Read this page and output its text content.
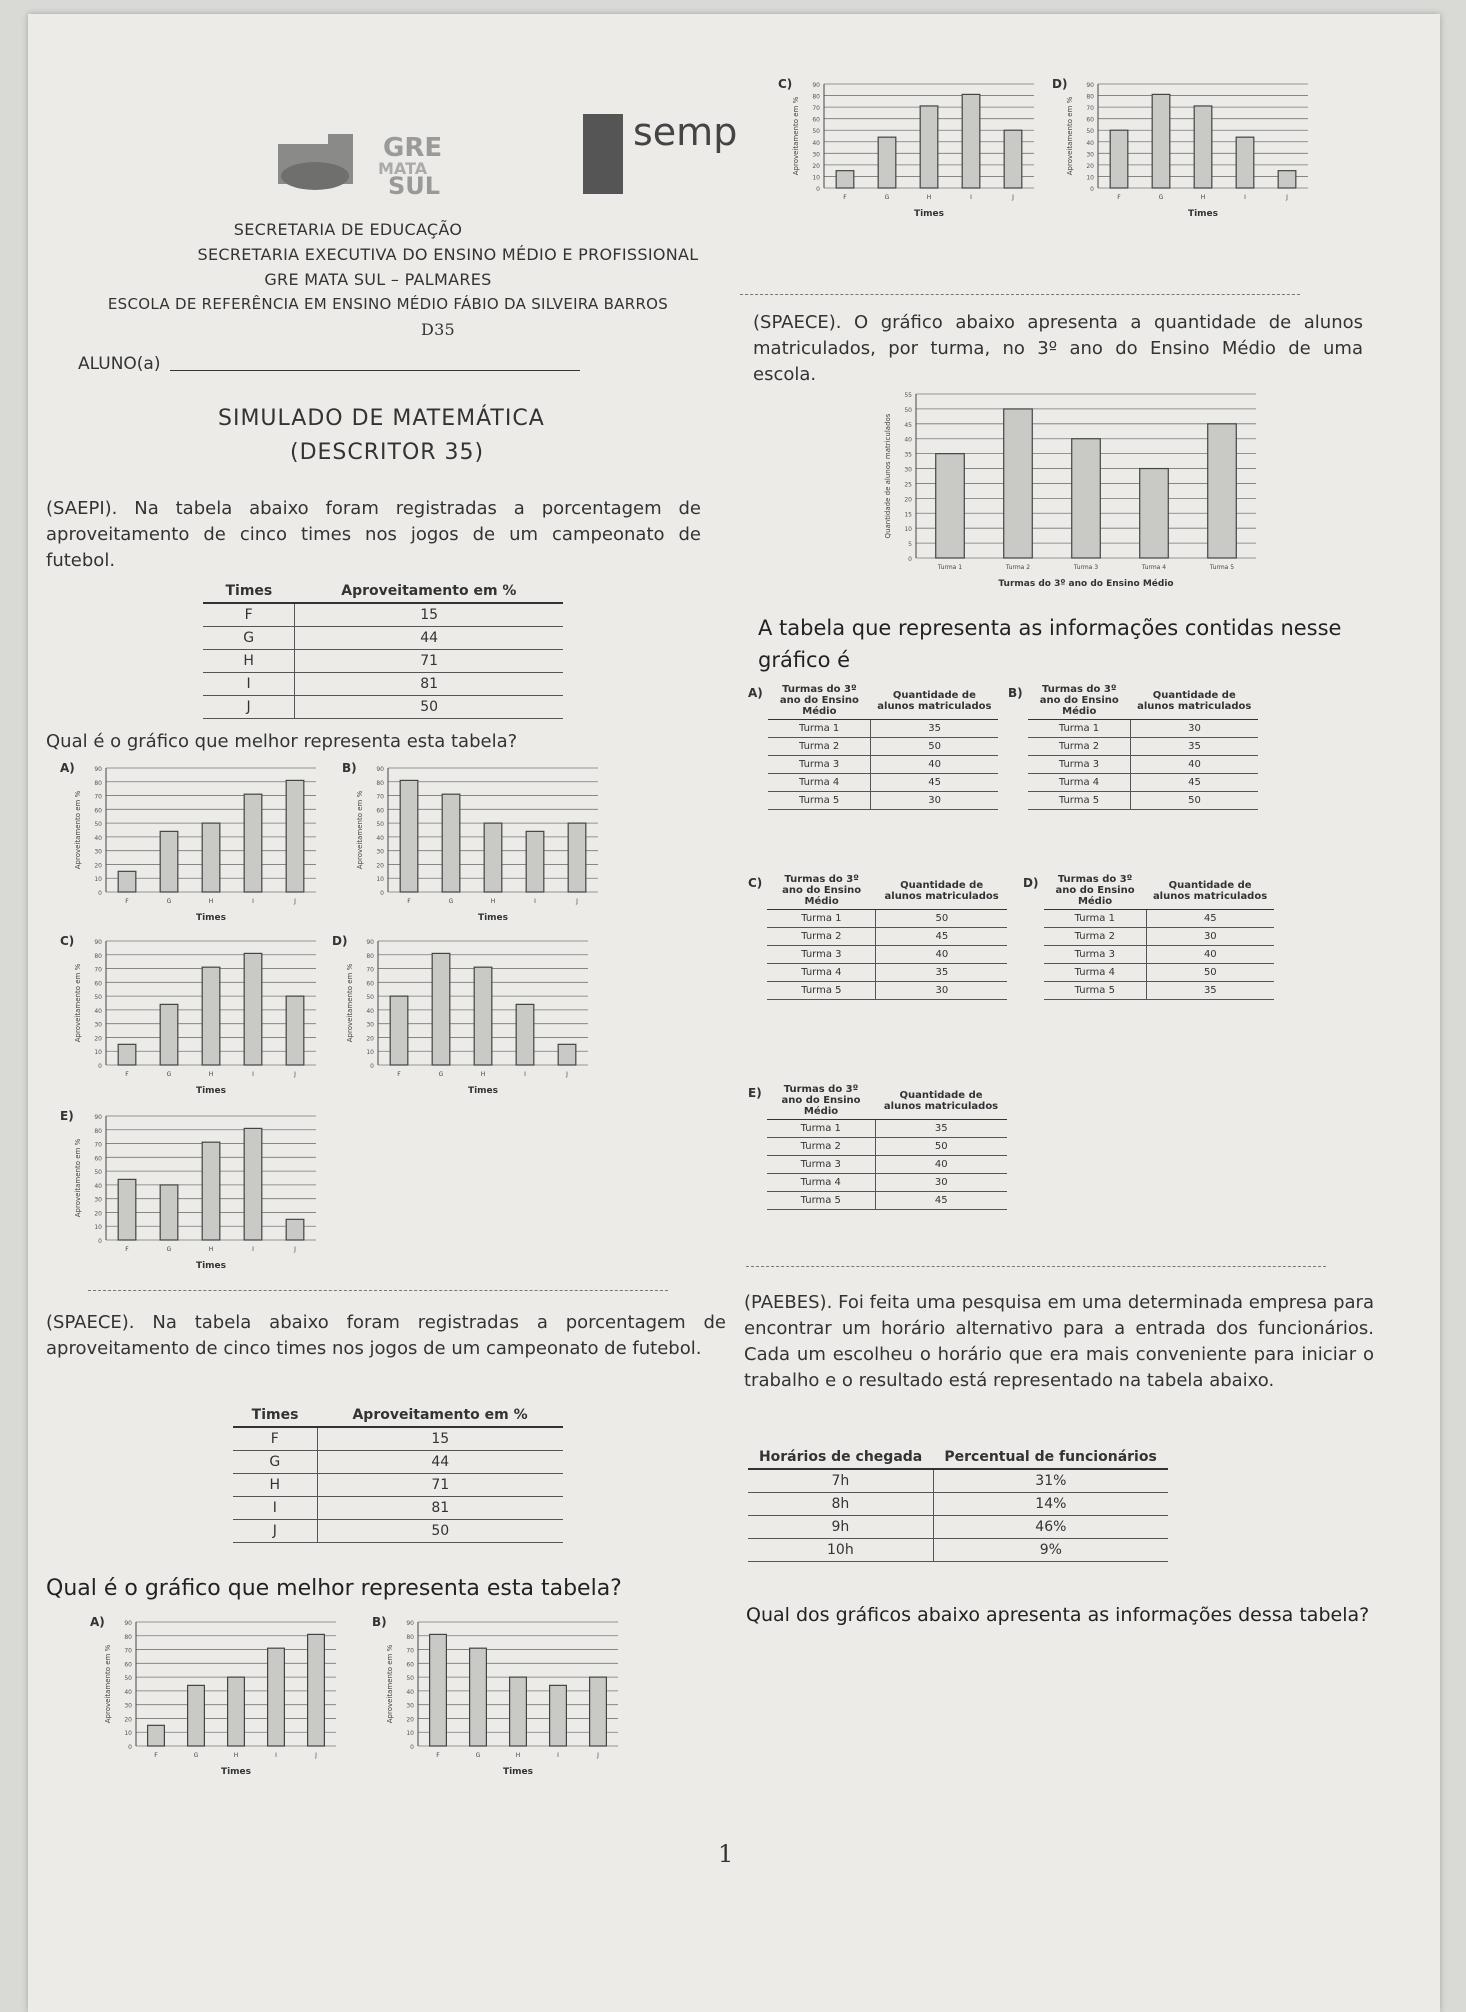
GRE
MATA
SUL
semp
SECRETARIA DE EDUCAÇÃO
SECRETARIA EXECUTIVA DO ENSINO MÉDIO E PROFISSIONAL
GRE MATA SUL – PALMARES
ESCOLA DE REFERÊNCIA EM ENSINO MÉDIO FÁBIO DA SILVEIRA BARROS
D35
ALUNO(a)
SIMULADO DE MATEMÁTICA
(DESCRITOR 35)
(SAEPI). Na tabela abaixo foram registradas a porcentagem de aproveitamento de cinco times nos jogos de um campeonato de futebol.
Times	Aproveitamento em %
F	15
G	44
H	71
I	81
J	50
Qual é o gráfico que melhor representa esta tabela?
A)
0
10
20
30
40
50
60
70
80
90
Aproveitamento em %
F	G	H	I	J
Times
B)
0
10
20
30
40
50
60
70
80
90
Aproveitamento em %
F	G	H	I	J
Times
C)
0
10
20
30
40
50
60
70
80
90
Aproveitamento em %
F	G	H	I	J
Times
D)
0
10
20
30
40
50
60
70
80
90
Aproveitamento em %
F	G	H	I	J
Times
E)
0
10
20
30
40
50
60
70
80
90
Aproveitamento em %
F	G	H	I	J
Times
(SPAECE). Na tabela abaixo foram registradas a porcentagem de aproveitamento de cinco times nos jogos de um campeonato de futebol.
Times	Aproveitamento em %
F	15
G	44
H	71
I	81
J	50
Qual é o gráfico que melhor representa esta tabela?
A)
0
10
20
30
40
50
60
70
80
90
Aproveitamento em %
F	G	H	I	J
Times
B)
0
10
20
30
40
50
60
70
80
90
Aproveitamento em %
F	G	H	I	J
Times
C)
0
10
20
30
40
50
60
70
80
90
Aproveitamento em %
F	G	H	I	J
Times
D)
0
10
20
30
40
50
60
70
80
90
Aproveitamento em %
F	G	H	I	J
Times
(SPAECE). O gráfico abaixo apresenta a quantidade de alunos matriculados, por turma, no 3º ano do Ensino Médio de uma escola.
0
5
10
15
20
25
30
35
40
45
50
55
Quantidade de alunos matriculados
Turma 1	Turma 2	Turma 3	Turma 4	Turma 5
Turmas do 3º ano do Ensino Médio
A tabela que representa as informações contidas nesse gráfico é
A) Turmas do 3º ano do Ensino Médio	Quantidade de alunos matriculados
Turma 1	35
Turma 2	50
Turma 3	40
Turma 4	45
Turma 5	30
B) Turmas do 3º ano do Ensino Médio	Quantidade de alunos matriculados
Turma 1	30
Turma 2	35
Turma 3	40
Turma 4	45
Turma 5	50
C) Turmas do 3º ano do Ensino Médio	Quantidade de alunos matriculados
Turma 1	50
Turma 2	45
Turma 3	40
Turma 4	35
Turma 5	30
D) Turmas do 3º ano do Ensino Médio	Quantidade de alunos matriculados
Turma 1	45
Turma 2	30
Turma 3	40
Turma 4	50
Turma 5	35
E) Turmas do 3º ano do Ensino Médio	Quantidade de alunos matriculados
Turma 1	35
Turma 2	50
Turma 3	40
Turma 4	30
Turma 5	45
(PAEBES). Foi feita uma pesquisa em uma determinada empresa para encontrar um horário alternativo para a entrada dos funcionários. Cada um escolheu o horário que era mais conveniente para iniciar o trabalho e o resultado está representado na tabela abaixo.
Horários de chegada	Percentual de funcionários
7h	31%
8h	14%
9h	46%
10h	9%
Qual dos gráficos abaixo apresenta as informações dessa tabela?
1
